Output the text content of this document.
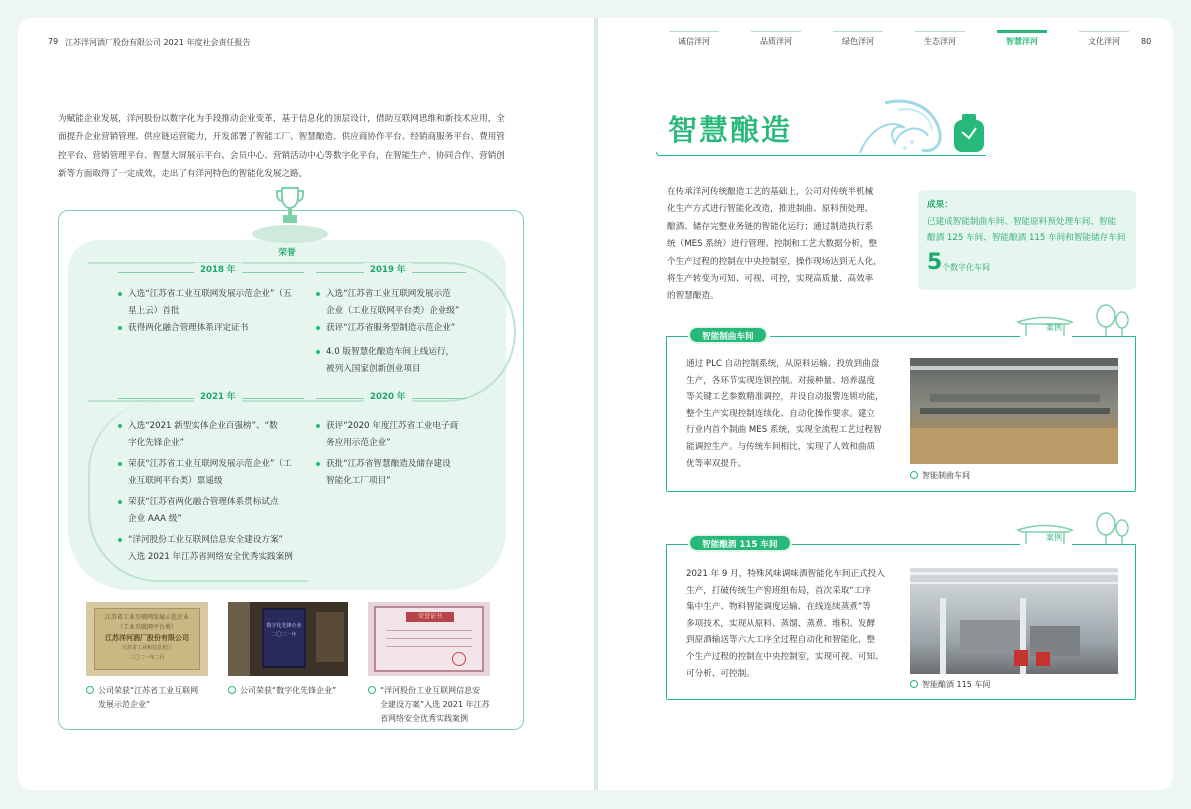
79 江苏洋河酒厂股份有限公司 2021 年度社会责任报告	80
诚信洋河	品质洋河	绿色洋河	生态洋河	智慧洋河	文化洋河
为赋能企业发展，洋河股份以数字化为手段推动企业变革，基于信息化的顶层设计，借助互联网思维和新技术应用，全
面提升企业营销管理、供应链运营能力，开发部署了智能工厂、智慧酿造、供应商协作平台、经销商服务平台、费用管
控平台、营销管理平台、智慧大屏展示平台、会员中心、营销活动中心等数字化平台，在智能生产、协同合作、营销创
新等方面取得了一定成效，走出了有洋河特色的智能化发展之路。
荣誉
2018 年
入选“江苏省工业互联网发展示范企业”（五
星上云）首批
获得两化融合管理体系评定证书
2019 年
入选“江苏省工业互联网发展示范
企业（工业互联网平台类）企业级”
获评“江苏省服务型制造示范企业”
4.0 版智慧化酿造车间上线运行，
被列入国家创新创业项目
2021 年
入选“2021 新型实体企业百强榜”、“数
字化先锋企业”
荣获“江苏省工业互联网发展示范企业”（工
业互联网平台类）票遥级
荣获“江苏省两化融合管理体系贯标试点
企业 AAA 级”
“洋河股份工业互联网信息安全建设方案”
入选 2021 年江苏省网络安全优秀实践案例
2020 年
获评“2020 年度江苏省工业电子商
务应用示范企业”
获批“江苏省智慧酿造及储存建设
智能化工厂项目”
江苏省工业互联网发展示范企业
（工业互联网平台类）
江苏洋河酒厂股份有限公司
江苏省工业和信息化厅
二〇二一年二月
数字化先锋企业
二〇二一年
荣誉证书
公司荣获“江苏省工业互联网
发展示范企业”
公司荣获“数字化先锋企业”	“洋河股份工业互联网信息安
全建设方案”入选 2021 年江苏
省网络安全优秀实践案例
智慧酿造
在传承洋河传统酿造工艺的基础上，公司对传统半机械
化生产方式进行智能化改造，推进制曲、原料预处理、
酿酒、储存完整业务链的智能化运行；通过制造执行系
统（MES 系统）进行管理、控制和工艺大数据分析，整
个生产过程的控制在中央控制室，操作现场达到无人化，
将生产转变为可知、可视、可控，实现高质量、高效率
的智慧酿造。
成果：
已建成智能制曲车间、智能原料预处理车间、智能
酿酒 125 车间、智能酿酒 115 车间和智能储存车间
5 个数字化车间
智能制曲车间
案例
通过 PLC 自动控制系统，从原料运输、投放到曲盘
生产，各环节实现连锁控制。对接种量、培养温度
等关键工艺参数精准调控，并设自动报警连锁功能，
整个生产实现控制连续化、自动化操作要求。建立
行业内首个制曲 MES 系统，实现全流程工艺过程智
能调控生产。与传统车间相比，实现了人效和曲质
优等率双提升。
智能制曲车间
智能酿酒 115 车间
案例
2021 年 9 月，特殊风味调味酒智能化车间正式投入
生产，打破传统生产窖班组布局，首次采取“工序
集中生产、物料智能调度运输、在线连续蒸煮”等
多项技术，实现从原料、蒸馏、蒸煮、堆积、发酵
到原酒输送等六大工序全过程自动化和智能化，整
个生产过程的控制在中央控制室，实现可视、可知、
可分析、可控制。
智能酿酒 115 车间
